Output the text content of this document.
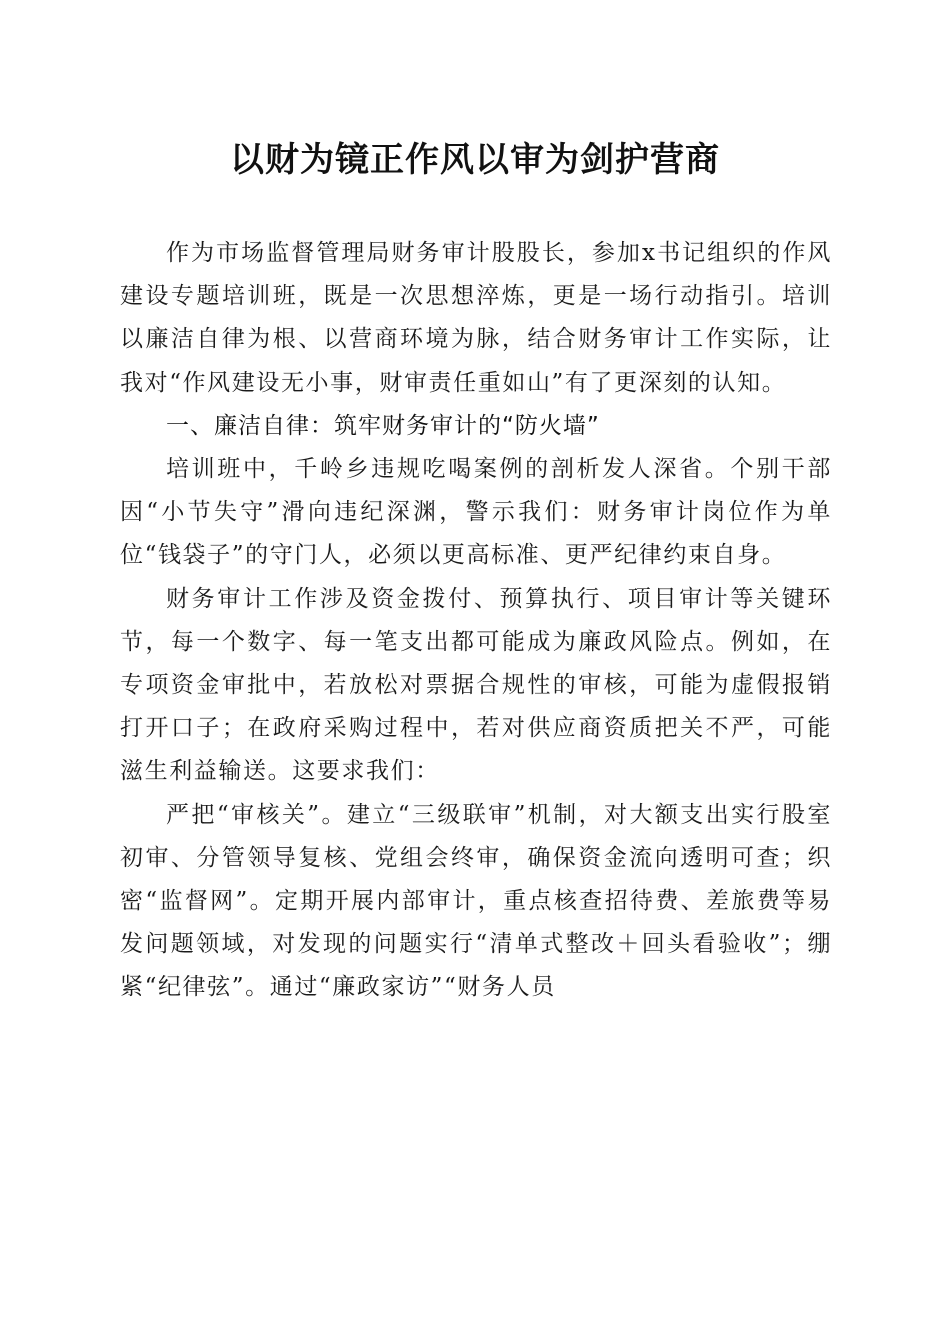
以财为镜正作风以审为剑护营商

作为市场监督管理局财务审计股股长，参加x书记组织的作风建设专题培训班，既是一次思想淬炼，更是一场行动指引。培训以廉洁自律为根、以营商环境为脉，结合财务审计工作实际，让我对“作风建设无小事，财审责任重如山”有了更深刻的认知。

一、廉洁自律：筑牢财务审计的“防火墙”

培训班中，千岭乡违规吃喝案例的剖析发人深省。个别干部因“小节失守”滑向违纪深渊，警示我们：财务审计岗位作为单位“钱袋子”的守门人，必须以更高标准、更严纪律约束自身。

财务审计工作涉及资金拨付、预算执行、项目审计等关键环节，每一个数字、每一笔支出都可能成为廉政风险点。例如，在专项资金审批中，若放松对票据合规性的审核，可能为虚假报销打开口子；在政府采购过程中，若对供应商资质把关不严，可能滋生利益输送。这要求我们：

严把“审核关”。建立“三级联审”机制，对大额支出实行股室初审、分管领导复核、党组会终审，确保资金流向透明可查；织密“监督网”。定期开展内部审计，重点核查招待费、差旅费等易发问题领域，对发现的问题实行“清单式整改＋回头看验收”；绷紧“纪律弦”。通过“廉政家访”“财务人员
